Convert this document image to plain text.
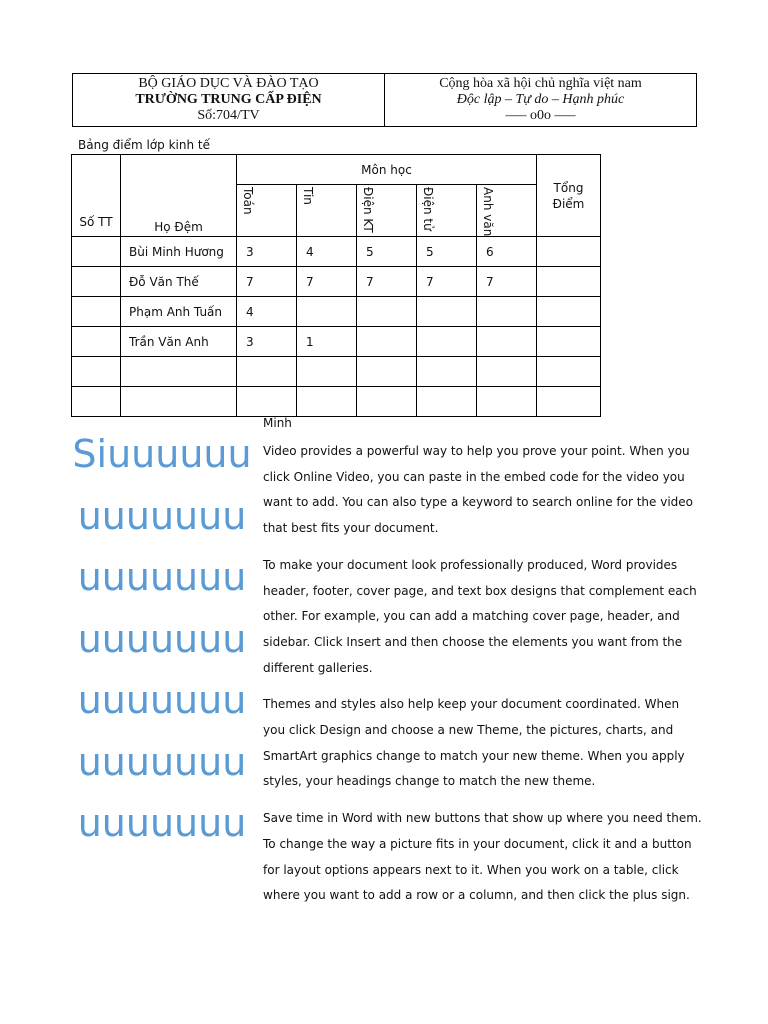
BỘ GIÁO DỤC VÀ ĐÀO TẠO
TRƯỜNG TRUNG CẤP ĐIỆN
Số:704/TV
Cộng hòa xã hội chủ nghĩa việt nam
Độc lập – Tự do – Hạnh phúc
––– o0o –––
Bảng điểm lớp kinh tế
Số TT	Họ Đệm	Môn học					Tổng Điểm

		Toán	Tin	Điện KT	Điện tử	Anh văn	

	Bùi Minh Hương	3	4	5	5	6	
	Đỗ Văn Thế	7	7	7	7	7	
	Phạm Anh Tuấn	4					
	Trần Văn Anh	3	1				

Minh
Siuuuuuuuuuuuuuuuuuuuuuuuuuuuuuuuuuuuuuuuuuuuuuuuu

Video provides a powerful way to help you prove your point. When you click Online Video, you can paste in the embed code for the video you want to add. You can also type a keyword to search online for the video that best fits your document.

To make your document look professionally produced, Word provides header, footer, cover page, and text box designs that complement each other. For example, you can add a matching cover page, header, and sidebar. Click Insert and then choose the elements you want from the different galleries.

Themes and styles also help keep your document coordinated. When you click Design and choose a new Theme, the pictures, charts, and SmartArt graphics change to match your new theme. When you apply styles, your headings change to match the new theme.

Save time in Word with new buttons that show up where you need them. To change the way a picture fits in your document, click it and a button for layout options appears next to it. When you work on a table, click where you want to add a row or a column, and then click the plus sign.
